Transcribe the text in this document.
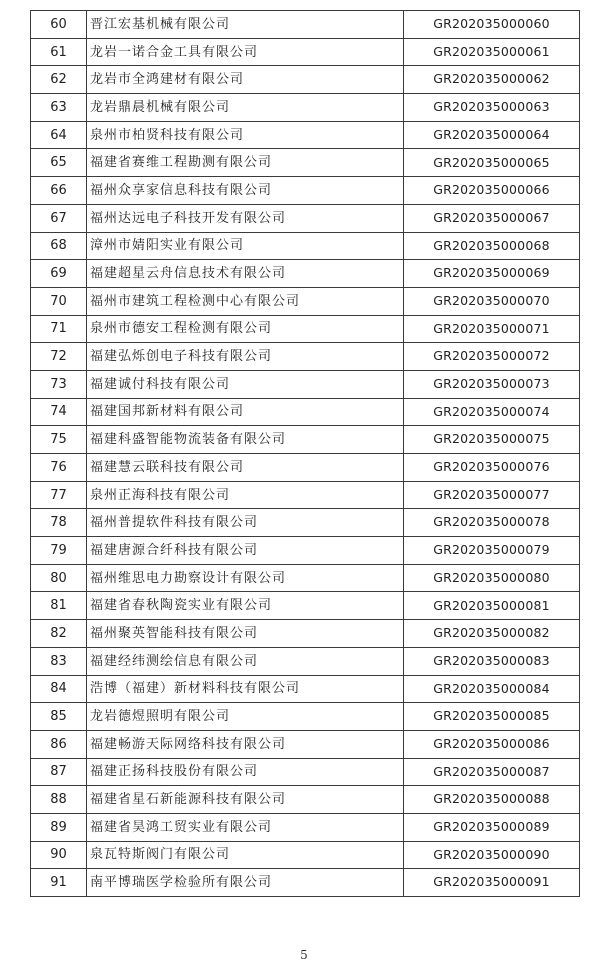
60	晋江宏基机械有限公司	GR202035000060
61	龙岩一诺合金工具有限公司	GR202035000061
62	龙岩市全鸿建材有限公司	GR202035000062
63	龙岩鼎晨机械有限公司	GR202035000063
64	泉州市柏贤科技有限公司	GR202035000064
65	福建省赛维工程勘测有限公司	GR202035000065
66	福州众享家信息科技有限公司	GR202035000066
67	福州达远电子科技开发有限公司	GR202035000067
68	漳州市婧阳实业有限公司	GR202035000068
69	福建超星云舟信息技术有限公司	GR202035000069
70	福州市建筑工程检测中心有限公司	GR202035000070
71	泉州市德安工程检测有限公司	GR202035000071
72	福建弘烁创电子科技有限公司	GR202035000072
73	福建诚付科技有限公司	GR202035000073
74	福建国邦新材料有限公司	GR202035000074
75	福建科盛智能物流装备有限公司	GR202035000075
76	福建慧云联科技有限公司	GR202035000076
77	泉州正海科技有限公司	GR202035000077
78	福州普提软件科技有限公司	GR202035000078
79	福建唐源合纤科技有限公司	GR202035000079
80	福州维思电力勘察设计有限公司	GR202035000080
81	福建省春秋陶瓷实业有限公司	GR202035000081
82	福州聚英智能科技有限公司	GR202035000082
83	福建经纬测绘信息有限公司	GR202035000083
84	浩博（福建）新材料科技有限公司	GR202035000084
85	龙岩德煜照明有限公司	GR202035000085
86	福建畅游天际网络科技有限公司	GR202035000086
87	福建正扬科技股份有限公司	GR202035000087
88	福建省星石新能源科技有限公司	GR202035000088
89	福建省昊鸿工贸实业有限公司	GR202035000089
90	泉瓦特斯阀门有限公司	GR202035000090
91	南平博瑞医学检验所有限公司	GR202035000091
5
